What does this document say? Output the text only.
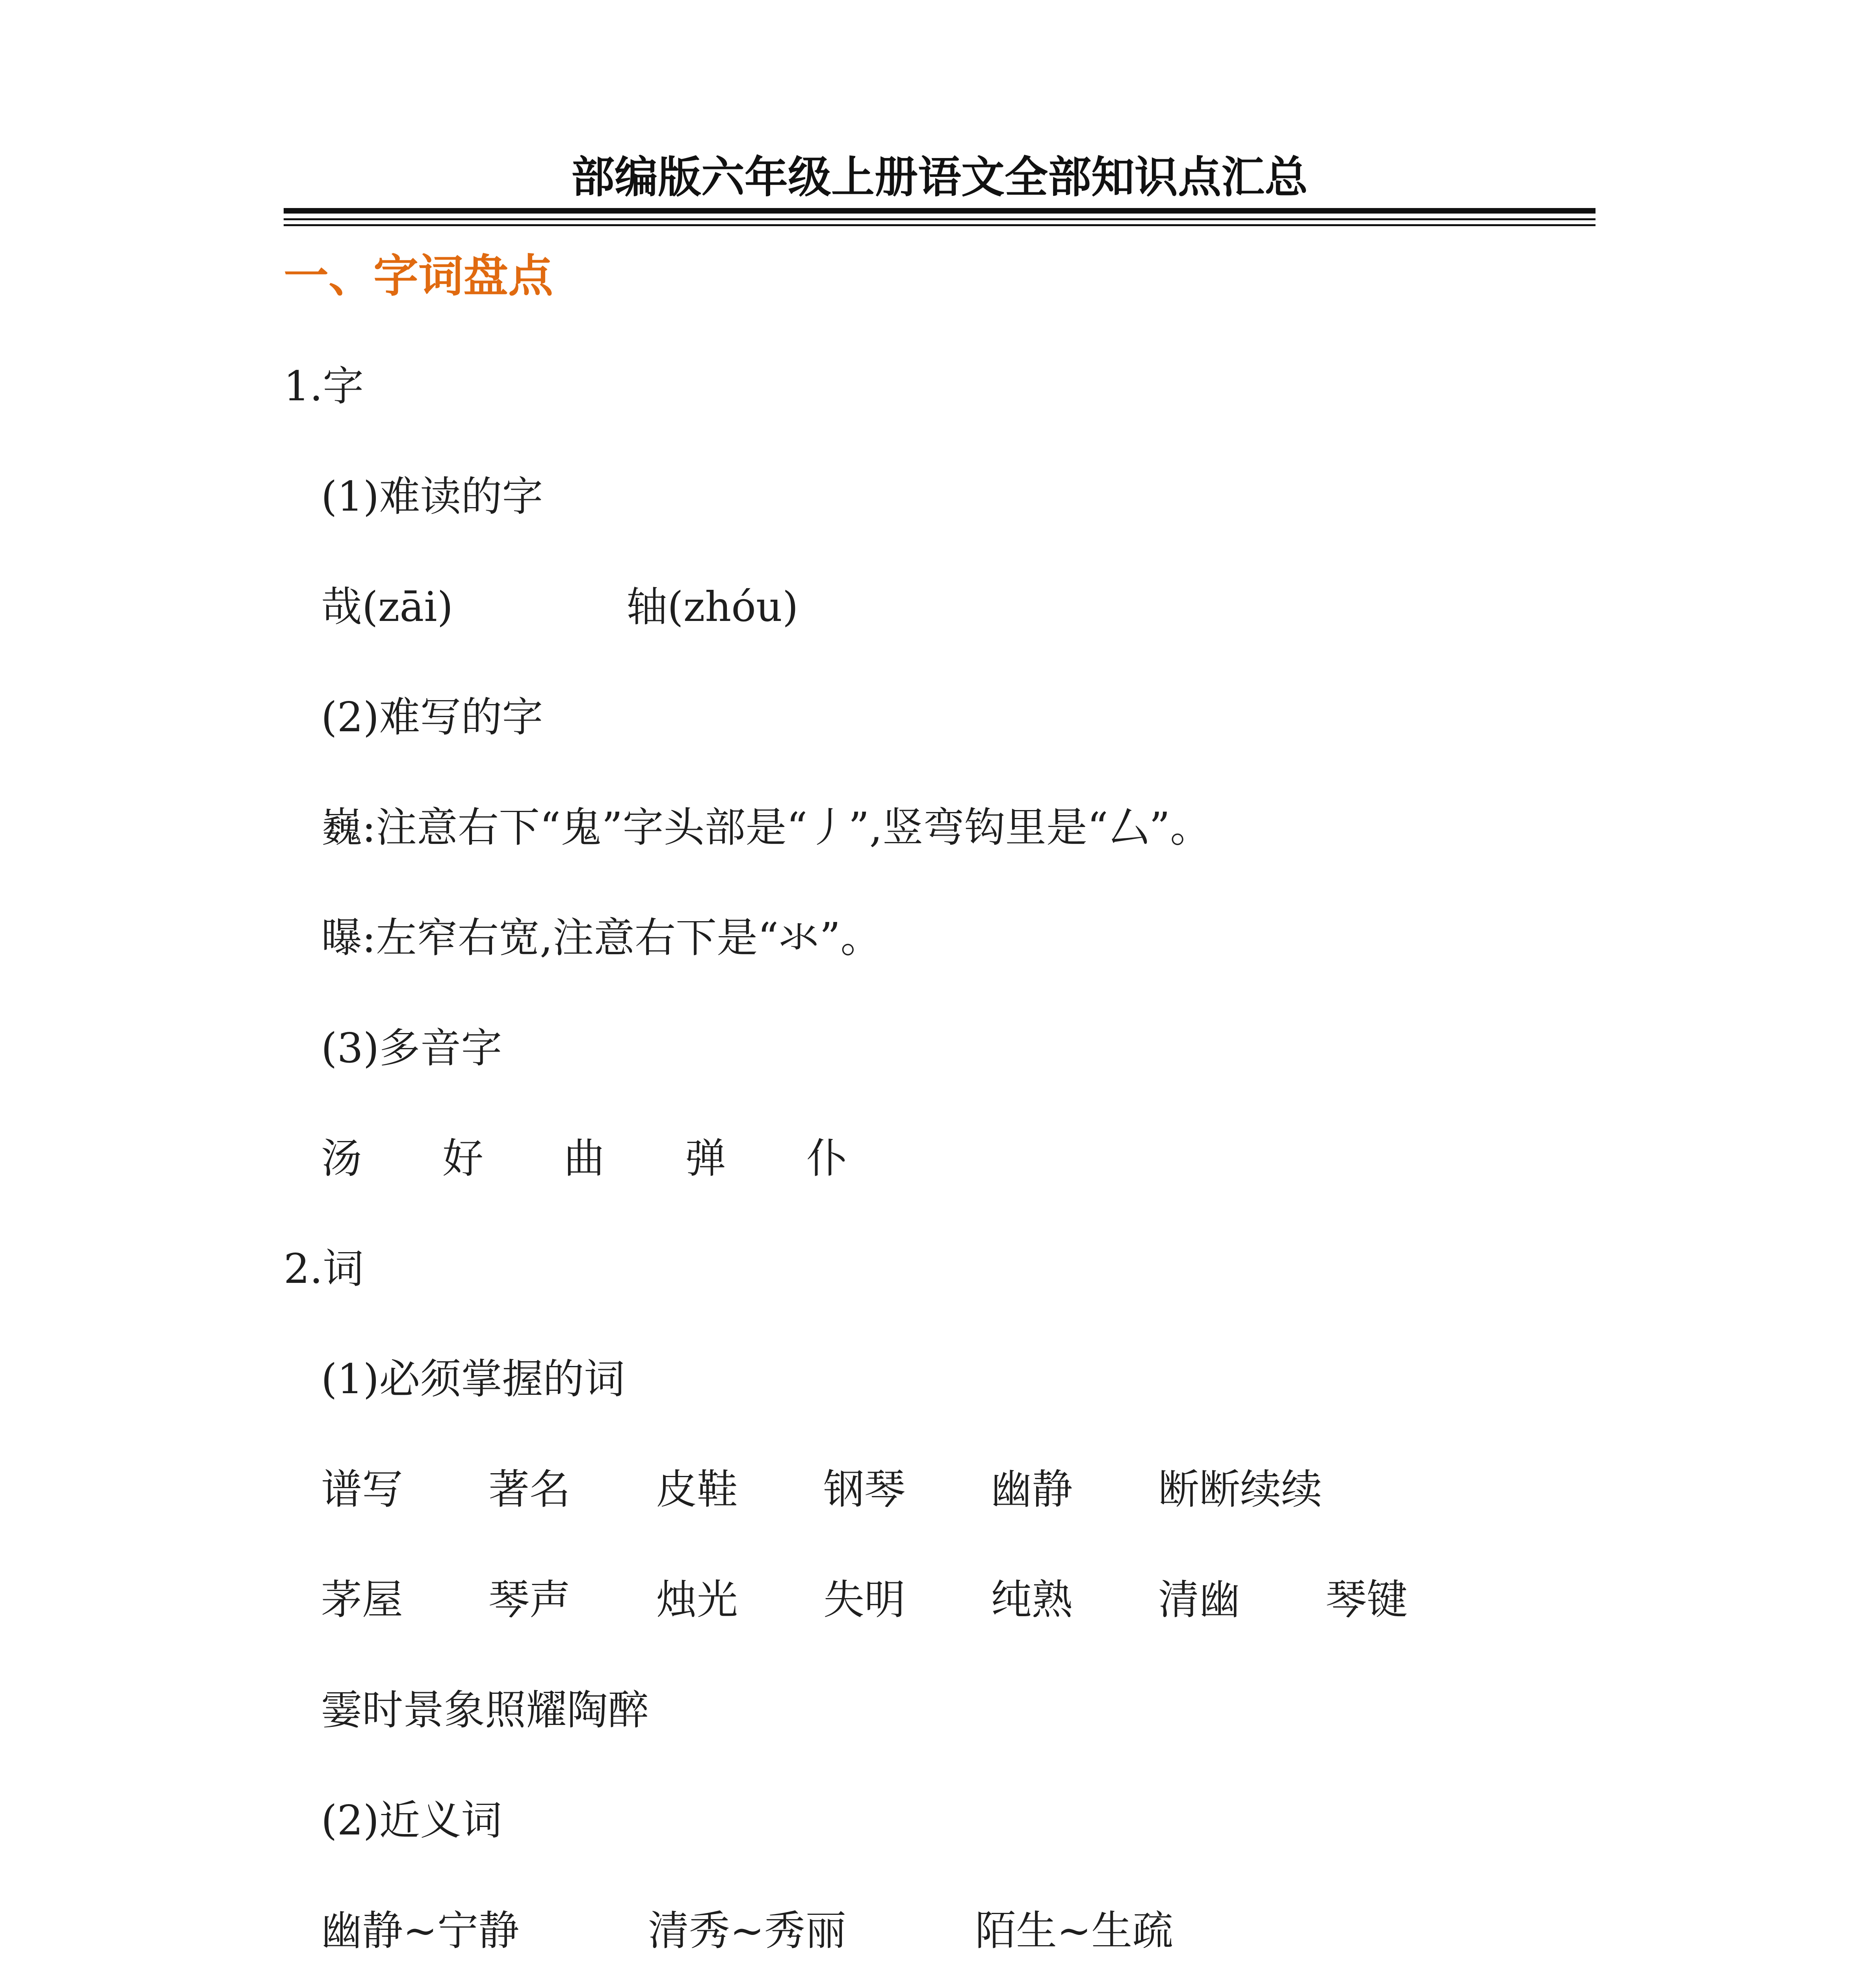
部编版六年级上册语文全部知识点汇总
一、字词盘点

1.字

(1)难读的字

哉(zāi)	轴(zhóu)

(2)难写的字

巍:注意右下“鬼”字头部是“丿”,竖弯钩里是“厶”。

曝:左窄右宽,注意右下是“氺”。

(3)多音字

汤 好 曲 弹 仆

2.词

(1)必须掌握的词

谱写 著名 皮鞋 钢琴 幽静 断断续续
茅屋 琴声 烛光 失明 纯熟 清幽 琴键

霎时景象照耀陶醉

(2)近义词

幽静~宁静	清秀~秀丽	陌生~生疏
